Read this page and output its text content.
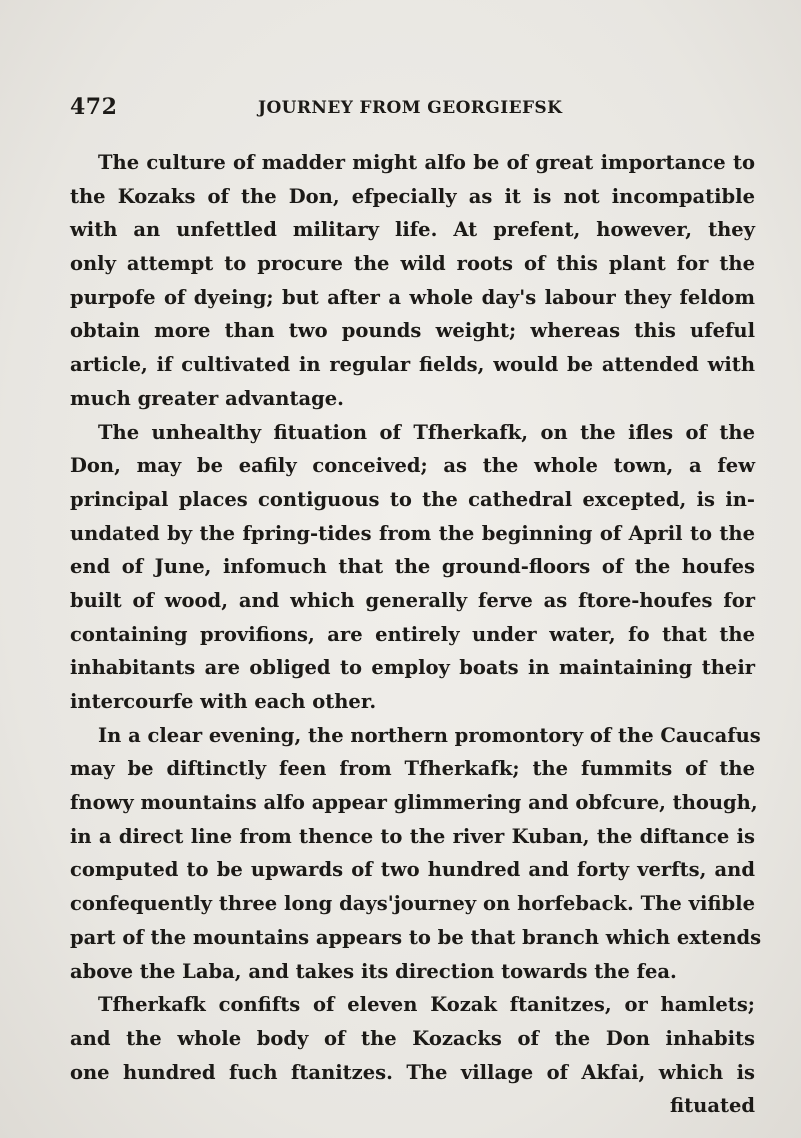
472	JOURNEY FROM GEORGIEFSK
The culture of madder might alfo be of great importance to
the Kozaks of the Don, efpecially as it is not incompatible
with an unfettled military life. At prefent, however, they
only attempt to procure the wild roots of this plant for the
purpofe of dyeing; but after a whole day's labour they feldom
obtain more than two pounds weight; whereas this ufeful
article, if cultivated in regular fields, would be attended with
much greater advantage.
The unhealthy fituation of Tfherkafk, on the ifles of the
Don, may be eafily conceived; as the whole town, a few
principal places contiguous to the cathedral excepted, is in-
undated by the fpring-tides from the beginning of April to the
end of June, infomuch that the ground-floors of the houfes
built of wood, and which generally ferve as ftore-houfes for
containing provifions, are entirely under water, fo that the
inhabitants are obliged to employ boats in maintaining their
intercourfe with each other.
In a clear evening, the northern promontory of the Caucafus
may be diftinctly feen from Tfherkafk; the fummits of the
fnowy mountains alfo appear glimmering and obfcure, though,
in a direct line from thence to the river Kuban, the diftance is
computed to be upwards of two hundred and forty verfts, and
confequently three long days'journey on horfeback. The vifible
part of the mountains appears to be that branch which extends
above the Laba, and takes its direction towards the fea.
Tfherkafk confifts of eleven Kozak ftanitzes, or hamlets;
and the whole body of the Kozacks of the Don inhabits
one hundred fuch ftanitzes. The village of Akfai, which is
fituated
